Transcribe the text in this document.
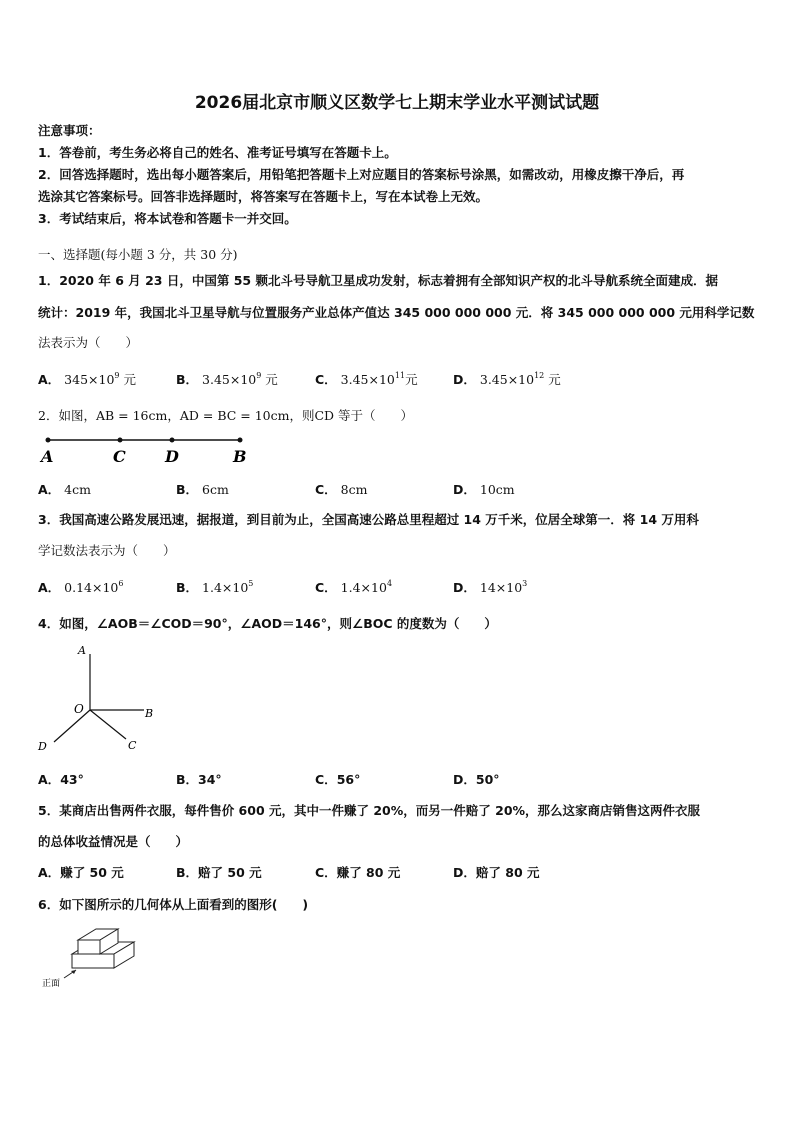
2026届北京市顺义区数学七上期末学业水平测试试题
注意事项：
1．答卷前，考生务必将自己的姓名、准考证号填写在答题卡上。
2．回答选择题时，选出每小题答案后，用铅笔把答题卡上对应题目的答案标号涂黑，如需改动，用橡皮擦干净后，再
选涂其它答案标号。回答非选择题时，将答案写在答题卡上，写在本试卷上无效。
3．考试结束后，将本试卷和答题卡一并交回。
一、选择题(每小题 3 分，共 30 分)
1．2020 年 6 月 23 日，中国第 55 颗北斗号导航卫星成功发射，标志着拥有全部知识产权的北斗导航系统全面建成．据
统计：2019 年，我国北斗卫星导航与位置服务产业总体产值达 345 000 000 000 元．将 345 000 000 000 元用科学记数
法表示为（　　）
A． $345\times 10^9$ 元	B． $3.45\times 10^9$ 元	C． $3.45\times 10^{11}$元	D． $3.45\times 10^{12}$ 元
2．如图，AB = 16cm，AD = BC = 10cm，则CD 等于（　　）
A	C D	B
A． 4cm	B． 6cm	C． 8cm	D． 10cm
3．我国高速公路发展迅速，据报道，到目前为止，全国高速公路总里程超过 14 万千米，位居全球第一．将 14 万用科
学记数法表示为（　　）
A． $0.14\times 10^6$	B． $1.4\times 10^5$	C． $1.4\times 10^4$	D． $14\times 10^3$
4．如图，∠AOB＝∠COD＝90°，∠AOD＝146°，则∠BOC 的度数为（　　）
A
O	B
D	C
A．43°	B．34°	C．56°	D．50°
5．某商店出售两件衣服，每件售价 600 元，其中一件赚了 20%，而另一件赔了 20%，那么这家商店销售这两件衣服
的总体收益情况是（　　）
A．赚了 50 元	B．赔了 50 元	C．赚了 80 元	D．赔了 80 元
6．如下图所示的几何体从上面看到的图形(　　)
正面
